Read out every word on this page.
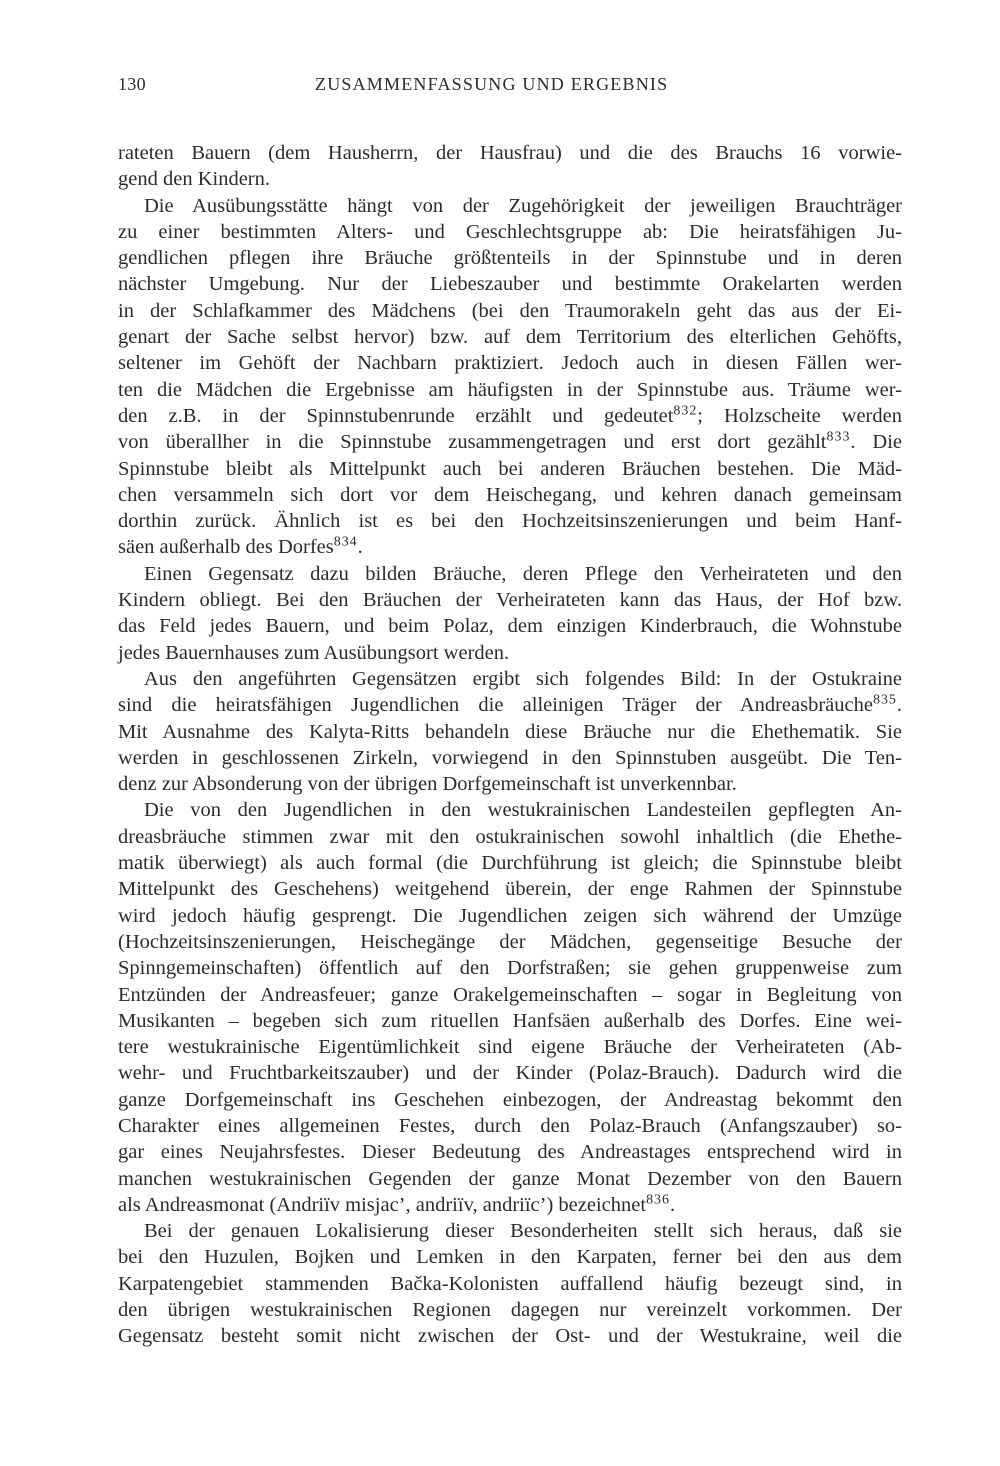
130	ZUSAMMENFASSUNG UND ERGEBNIS
rateten Bauern (dem Hausherrn, der Hausfrau) und die des Brauchs 16 vorwie-
gend den Kindern.
Die Ausübungsstätte hängt von der Zugehörigkeit der jeweiligen Brauchträger
zu einer bestimmten Alters- und Geschlechtsgruppe ab: Die heiratsfähigen Ju-
gendlichen pflegen ihre Bräuche größtenteils in der Spinnstube und in deren
nächster Umgebung. Nur der Liebeszauber und bestimmte Orakelarten werden
in der Schlafkammer des Mädchens (bei den Traumorakeln geht das aus der Ei-
genart der Sache selbst hervor) bzw. auf dem Territorium des elterlichen Gehöfts,
seltener im Gehöft der Nachbarn praktiziert. Jedoch auch in diesen Fällen wer-
ten die Mädchen die Ergebnisse am häufigsten in der Spinnstube aus. Träume wer-
den z.B. in der Spinnstubenrunde erzählt und gedeutet$^{832}$; Holzscheite werden
von überallher in die Spinnstube zusammengetragen und erst dort gezählt$^{833}$. Die
Spinnstube bleibt als Mittelpunkt auch bei anderen Bräuchen bestehen. Die Mäd-
chen versammeln sich dort vor dem Heischegang, und kehren danach gemeinsam
dorthin zurück. Ähnlich ist es bei den Hochzeitsinszenierungen und beim Hanf-
säen außerhalb des Dorfes$^{834}$.
Einen Gegensatz dazu bilden Bräuche, deren Pflege den Verheirateten und den
Kindern obliegt. Bei den Bräuchen der Verheirateten kann das Haus, der Hof bzw.
das Feld jedes Bauern, und beim Polaz, dem einzigen Kinderbrauch, die Wohnstube
jedes Bauernhauses zum Ausübungsort werden.
Aus den angeführten Gegensätzen ergibt sich folgendes Bild: In der Ostukraine
sind die heiratsfähigen Jugendlichen die alleinigen Träger der Andreasbräuche$^{835}$.
Mit Ausnahme des Kalyta-Ritts behandeln diese Bräuche nur die Ehethematik. Sie
werden in geschlossenen Zirkeln, vorwiegend in den Spinnstuben ausgeübt. Die Ten-
denz zur Absonderung von der übrigen Dorfgemeinschaft ist unverkennbar.
Die von den Jugendlichen in den westukrainischen Landesteilen gepflegten An-
dreasbräuche stimmen zwar mit den ostukrainischen sowohl inhaltlich (die Ehethe-
matik überwiegt) als auch formal (die Durchführung ist gleich; die Spinnstube bleibt
Mittelpunkt des Geschehens) weitgehend überein, der enge Rahmen der Spinnstube
wird jedoch häufig gesprengt. Die Jugendlichen zeigen sich während der Umzüge
(Hochzeitsinszenierungen, Heischegänge der Mädchen, gegenseitige Besuche der
Spinngemeinschaften) öffentlich auf den Dorfstraßen; sie gehen gruppenweise zum
Entzünden der Andreasfeuer; ganze Orakelgemeinschaften – sogar in Begleitung von
Musikanten – begeben sich zum rituellen Hanfsäen außerhalb des Dorfes. Eine wei-
tere westukrainische Eigentümlichkeit sind eigene Bräuche der Verheirateten (Ab-
wehr- und Fruchtbarkeitszauber) und der Kinder (Polaz-Brauch). Dadurch wird die
ganze Dorfgemeinschaft ins Geschehen einbezogen, der Andreastag bekommt den
Charakter eines allgemeinen Festes, durch den Polaz-Brauch (Anfangszauber) so-
gar eines Neujahrsfestes. Dieser Bedeutung des Andreastages entsprechend wird in
manchen westukrainischen Gegenden der ganze Monat Dezember von den Bauern
als Andreasmonat (Andriïv misjac’, andriïv, andriïc’) bezeichnet$^{836}$.
Bei der genauen Lokalisierung dieser Besonderheiten stellt sich heraus, daß sie
bei den Huzulen, Bojken und Lemken in den Karpaten, ferner bei den aus dem
Karpatengebiet stammenden Bačka-Kolonisten auffallend häufig bezeugt sind, in
den übrigen westukrainischen Regionen dagegen nur vereinzelt vorkommen. Der
Gegensatz besteht somit nicht zwischen der Ost- und der Westukraine, weil die
